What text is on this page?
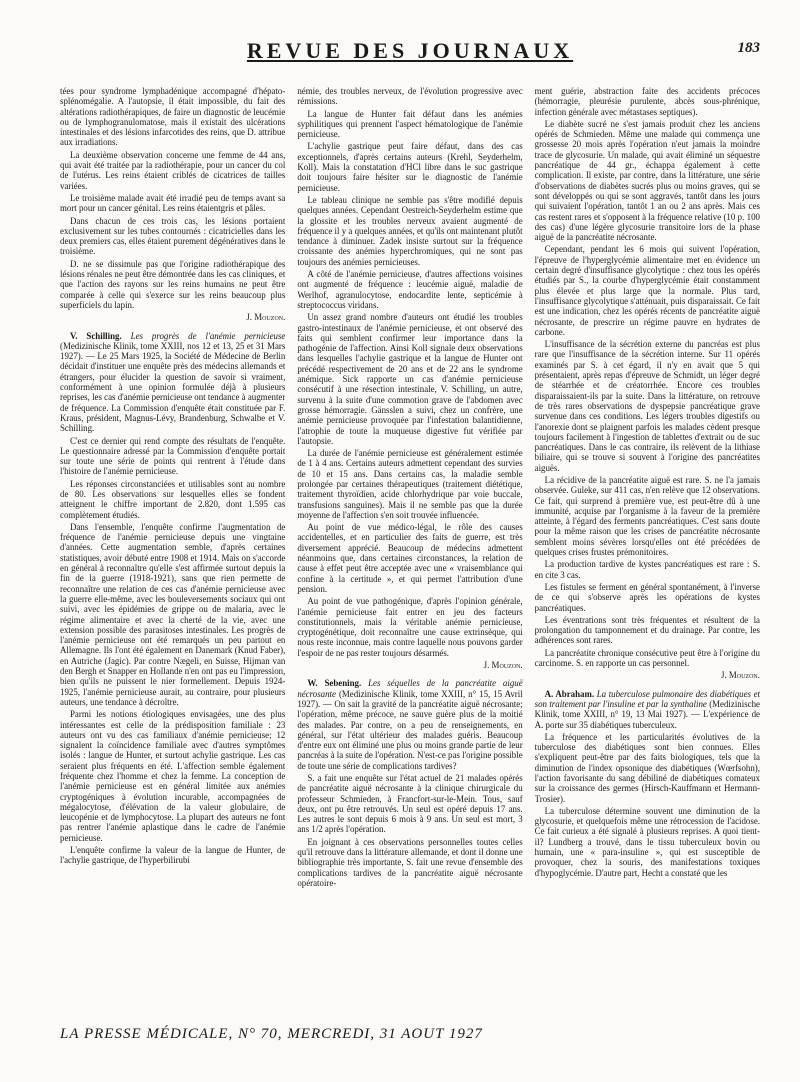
REVUE DES JOURNAUX	183

tées pour syndrome lymphadénique accompagné d'hépato-splénomégalie. A l'autopsie, il était impossible, du fait des altérations radiothérapiques, de faire un diagnostic de leucémie ou de lymphogranulomatose, mais il existait des ulcérations intestinales et des lésions infarcotides des reins, que D. attribue aux irradiations.

La deuxième observation concerne une femme de 44 ans, qui avait été traitée par la radiothérapie, pour un cancer du col de l'utérus. Les reins étaient criblés de cicatrices de tailles variées.

Le troisième malade avait été irradié peu de temps avant sa mort pour un cancer génital. Les reins étaientgris et pâles.

Dans chacun de ces trois cas, les lésions portaient exclusivement sur les tubes contournés : cicatricielles dans les deux premiers cas, elles étaient purement dégénératives dans le troisième.

D. ne se dissimule pas que l'origine radiothérapique des lésions rénales ne peut être démontrée dans les cas cliniques, et que l'action des rayons sur les reins humains ne peut être comparée à celle qui s'exerce sur les reins beaucoup plus superficiels du lapin.

J. Mouzon.

V. Schilling. Les progrès de l'anémie pernicieuse (Medizinische Klinik, tome XXIII, nos 12 et 13, 25 et 31 Mars 1927). — Le 25 Mars 1925, la Société de Médecine de Berlin décidait d'instituer une enquête près des médecins allemands et étrangers, pour élucider la question de savoir si vraiment, conformément à une opinion formulée déjà à plusieurs reprises, les cas d'anémie pernicieuse ont tendance à augmenter de fréquence. La Commission d'enquête était constituée par F. Kraus, président, Magnus-Lévy, Brandenburg, Schwalbe et V. Schilling.

C'est ce dernier qui rend compte des résultats de l'enquête. Le questionnaire adressé par la Commission d'enquête portait sur toute une série de points qui rentrent à l'étude dans l'histoire de l'anémie pernicieuse.

Les réponses circonstanciées et utilisables sont au nombre de 80. Les observations sur lesquelles elles se fondent atteignent le chiffre important de 2.820, dont 1.595 cas complètement étudiés.

Dans l'ensemble, l'enquête confirme l'augmentation de fréquence de l'anémie pernicieuse depuis une vingtaine d'années. Cette augmentation semble, d'après certaines statistiques, avoir débuté entre 1908 et 1914. Mais on s'accorde en général à reconnaître qu'elle s'est affirmée surtout depuis la fin de la guerre (1918-1921), sans que rien permette de reconnaître une relation de ces cas d'anémie pernicieuse avec la guerre elle-même, avec les bouleversements sociaux qui ont suivi, avec les épidémies de grippe ou de malaria, avec le régime alimentaire et avec la cherté de la vie, avec une extension possible des parasitoses intestinales. Les progrès de l'anémie pernicieuse ont été remarqués un peu partout en Allemagne. Ils l'ont été également en Danemark (Knud Faber), en Autriche (Jagic). Par contre Nægeli, en Suisse, Hijman van den Bergh et Snapper en Hollande n'en ont pas eu l'impression, bien qu'ils ne puissent le nier formellement. Depuis 1924-1925, l'anémie pernicieuse aurait, au contraire, pour plusieurs auteurs, une tendance à décroître.

Parmi les notions étiologiques envisagées, une des plus intéressantes est celle de la prédisposition familiale : 23 auteurs ont vu des cas familiaux d'anémie pernicieuse; 12 signalent la coïncidence familiale avec d'autres symptômes isolés : langue de Hunter, et surtout achylie gastrique. Les cas seraient plus fréquents en été. L'affection semble également fréquente chez l'homme et chez la femme. La conception de l'anémie pernicieuse est en général limitée aux anémies cryptogéniques à évolution incurable, accompagnées de mégalocytose, d'élévation de la valeur globulaire, de leucopénie et de lymphocytose. La plupart des auteurs ne font pas rentrer l'anémie aplastique dans le cadre de l'anémie pernicieuse.

L'enquête confirme la valeur de la langue de Hunter, de l'achylie gastrique, de l'hyperbilirubi

némie, des troubles nerveux, de l'évolution progressive avec rémissions.

La langue de Hunter fait défaut dans les anémies syphilitiques qui prennent l'aspect hématologique de l'anémie pernicieuse.

L'achylie gastrique peut faire défaut, dans des cas exceptionnels, d'après certains auteurs (Krehl, Seyderhelm, Koll). Mais la constatation d'HCl libre dans le suc gastrique doit toujours faire hésiter sur le diagnostic de l'anémie pernicieuse.

Le tableau clinique ne semble pas s'être modifié depuis quelques années. Cependant Oestreich-Seyderhelm estime que la glossite et les troubles nerveux avaient augmenté de fréquence il y a quelques années, et qu'ils ont maintenant plutôt tendance à diminuer. Zadek insiste surtout sur la fréquence croissante des anémies hyperchromiques, qui ne sont pas toujours des anémies pernicieuses.

A côté de l'anémie pernicieuse, d'autres affections voisines ont augmenté de fréquence : leucémie aiguë, maladie de Werlhof, agranulocytose, endocardite lente, septicémie à streptococcus viridans.

Un assez grand nombre d'auteurs ont étudié les troubles gastro-intestinaux de l'anémie pernicieuse, et ont observé des faits qui semblent confirmer leur importance dans la pathogénie de l'affection. Ainsi Koll signale deux observations dans lesquelles l'achylie gastrique et la langue de Hunter ont précédé respectivement de 20 ans et de 22 ans le syndrome anémique. Sick rapporte un cas d'anémie pernicieuse consécutif à une résection intestinale, V. Schilling, un autre, survenu à la suite d'une commotion grave de l'abdomen avec grosse hémorragie. Gänsslen a suivi, chez un confrère, une anémie pernicieuse provoquée par l'infestation balantidienne, l'atrophie de toute la muqueuse digestive fut vérifiée par l'autopsie.

La durée de l'anémie pernicieuse est généralement estimée de 1 à 4 ans. Certains auteurs admettent cependant des survies de 10 et 15 ans. Dans certains cas, la maladie semble prolongée par certaines thérapeutiques (traitement diététique, traitement thyroïdien, acide chlorhydrique par voie buccale, transfusions sanguines). Mais il ne semble pas que la durée moyenne de l'affection s'en soit trouvée influencée.

Au point de vue médico-légal, le rôle des causes accidentelles, et en particulier des faits de guerre, est très diversement apprécié. Beaucoup de médecins admettent néanmoins que, dans certaines circonstances, la relation de cause à effet peut être acceptée avec une « vraisemblance qui confine à la certitude », et qui permet l'attribution d'une pension.

Au point de vue pathogénique, d'après l'opinion générale, l'anémie pernicieuse fait entrer en jeu des facteurs constitutionnels, mais la véritable anémie pernicieuse, cryptogénétique, doit reconnaître une cause extrinsèque, qui nous reste inconnue, mais contre laquelle nous pouvons garder l'espoir de ne pas rester toujours désarmés.

J. Mouzon.

W. Sebening. Les séquelles de la pancréatite aiguë nécrosante (Medizinische Klinik, tome XXIII, n° 15, 15 Avril 1927). — On sait la gravité de la pancréatite aiguë nécrosante; l'opération, même précoce, ne sauve guère plus de la moitié des malades. Par contre, on a peu de renseignements, en général, sur l'état ultérieur des malades guéris. Beaucoup d'entre eux ont éliminé une plus ou moins grande partie de leur pancréas à la suite de l'opération. N'est-ce pas l'origine possible de toute une série de complications tardives?

S. a fait une enquête sur l'état actuel de 21 malades opérés de pancréatite aiguë nécrosante à la clinique chirurgicale du professeur Schmieden, à Francfort-sur-le-Mein. Tous, sauf deux, ont pu être retrouvés. Un seul est opéré depuis 17 ans. Les autres le sont depuis 6 mois à 9 ans. Un seul est mort, 3 ans 1/2 après l'opération.

En joignant à ces observations personnelles toutes celles qu'il retrouve dans la littérature allemande, et dont il donne une bibliographie très importante, S. fait une revue d'ensemble des complications tardives de la pancréatite aiguë nécrosante opératoire-

ment guérie, abstraction faite des accidents précoces (hémorragie, pleurésie purulente, abcès sous-phrénique, infection générale avec métastases septiques).

Le diabète sucré ne s'est jamais produit chez les anciens opérés de Schmieden. Même une malade qui commença une grossesse 20 mois après l'opération n'eut jamais la moindre trace de glycosurie. Un malade, qui avait éliminé un séquestre pancréatique de 44 gr., échappa également à cette complication. Il existe, par contre, dans la littérature, une série d'observations de diabètes sucrés plus ou moins graves, qui se sont développés ou qui se sont aggravés, tantôt dans les jours qui suivaient l'opération, tantôt 1 an ou 2 ans après. Mais ces cas restent rares et s'opposent à la fréquence relative (10 p. 100 des cas) d'une légère glycosurie transitoire lors de la phase aiguë de la pancréatite nécrosante.

Cependant, pendant les 6 mois qui suivent l'opération, l'épreuve de l'hyperglycémie alimentaire met en évidence un certain degré d'insuffisance glycolytique : chez tous les opérés étudiés par S., la courbe d'hyperglycémie était constamment plus élevée et plus large que la normale. Plus tard, l'insuffisance glycolytique s'atténuait, puis disparaissait. Ce fait est une indication, chez les opérés récents de pancréatite aiguë nécrosante, de prescrire un régime pauvre en hydrates de carbone.

L'insuffisance de la sécrétion externe du pancréas est plus rare que l'insuffisance de la sécrétion interne. Sur 11 opérés examinés par S. à cet égard, il n'y en avait que 5 qui présentaient, après repas d'épreuve de Schmidt, un léger degré de stéarrhée et de créatorrhée. Encore ces troubles disparaissaient-ils par la suite. Dans la littérature, on retrouve de très rares observations de dyspepsie pancréatique grave survenue dans ces conditions. Les légers troubles digestifs ou l'anorexie dont se plaignent parfois les malades cèdent presque toujours facilement à l'ingestion de tablettes d'extrait ou de suc pancréatiques. Dans le cas contraire, ils relèvent de la lithiase biliaire, qui se trouve si souvent à l'origine des pancréatites aiguës.

La récidive de la pancréatite aiguë est rare. S. ne l'a jamais observée. Guleke, sur 411 cas, n'en relève que 12 observations. Ce fait, qui surprend à première vue, est peut-être dû à une immunité, acquise par l'organisme à la faveur de la première atteinte, à l'égard des ferments pancréatiques. C'est sans doute pour la même raison que les crises de pancréatite nécrosante semblent moins sévères lorsqu'elles ont été précédées de quelques crises frustes prémonitoires.

La production tardive de kystes pancréatiques est rare : S. en cite 3 cas.

Les fistules se ferment en général spontanément, à l'inverse de ce qui s'observe après les opérations de kystes pancréatiques.

Les éventrations sont très fréquentes et résultent de la prolongation du tamponnement et du drainage. Par contre, les adhérences sont rares.

La pancréatite chronique consécutive peut être à l'origine du carcinome. S. en rapporte un cas personnel.

J. Mouzon.

A. Abraham. La tuberculose pulmonaire des diabétiques et son traitement par l'insuline et par la synthaline (Medizinische Klinik, tome XXIII, n° 19, 13 Mai 1927). — L'expérience de A. porte sur 35 diabétiques tuberculeux.

La fréquence et les particularités évolutives de la tuberculose des diabétiques sont bien connues. Elles s'expliquent peut-être par des faits biologiques, tels que la diminution de l'index opsonique des diabétiques (Wœrfsohn), l'action favorisante du sang débiliné de diabétiques comateux sur la croissance des germes (Hirsch-Kauffmann et Hermann-Trosier).

La tuberculose détermine souvent une diminution de la glycosurie, et quelquefois même une rétrocession de l'acidose. Ce fait curieux a été signalé à plusieurs reprises. A quoi tient-il? Lundberg a trouvé, dans le tissu tuberculeux bovin ou humain, une « para-insuline », qui est susceptible de provoquer, chez la souris, des manifestations toxiques d'hypoglycémie. D'autre part, Hecht a constaté que les

LA PRESSE MÉDICALE, N° 70, MERCREDI, 31 AOUT 1927
